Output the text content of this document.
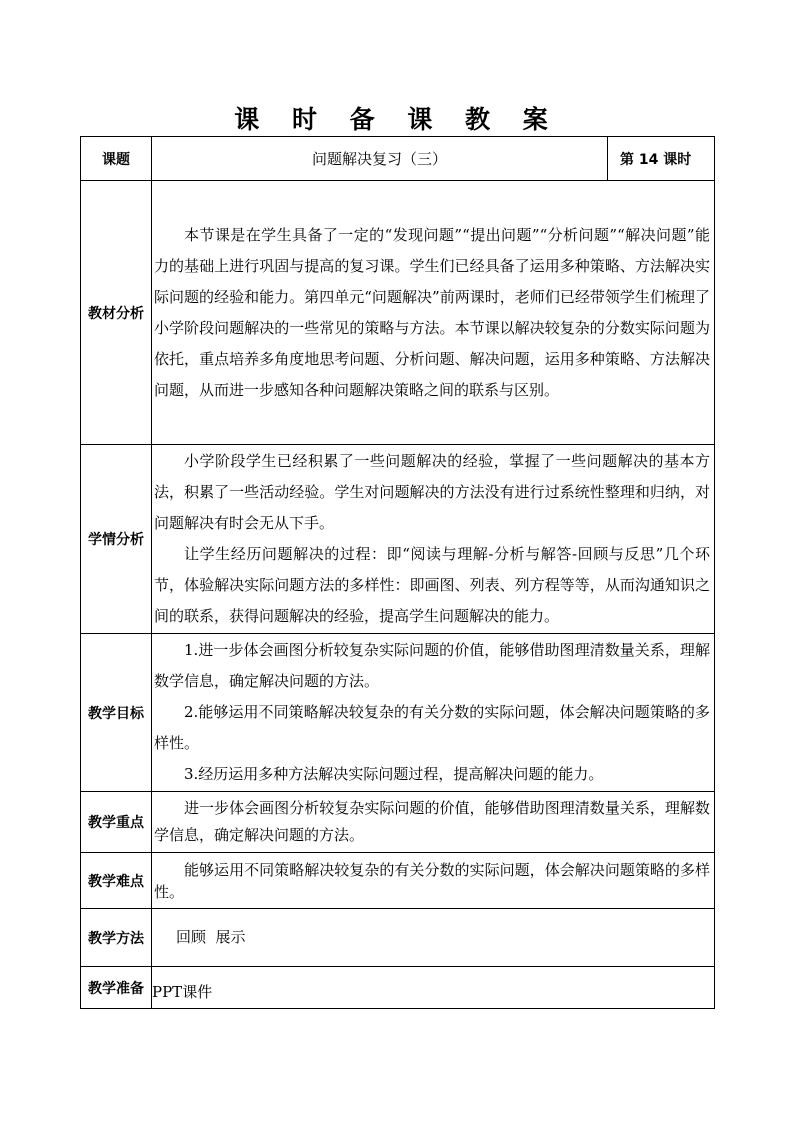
课 时 备 课 教 案
课题	问题解决复习（三）	第 14 课时
教材分析	本节课是在学生具备了一定的“发现问题”“提出问题”“分析问题”“解决问题”能力的基础上进行巩固与提高的复习课。学生们已经具备了运用多种策略、方法解决实际问题的经验和能力。第四单元“问题解决”前两课时，老师们已经带领学生们梳理了小学阶段问题解决的一些常见的策略与方法。本节课以解决较复杂的分数实际问题为依托，重点培养多角度地思考问题、分析问题、解决问题，运用多种策略、方法解决问题，从而进一步感知各种问题解决策略之间的联系与区别。	

学情分析	小学阶段学生已经积累了一些问题解决的经验，掌握了一些问题解决的基本方法，积累了一些活动经验。学生对问题解决的方法没有进行过系统性整理和归纳，对问题解决有时会无从下手。

让学生经历问题解决的过程：即“阅读与理解-分析与解答-回顾与反思”几个环节，体验解决实际问题方法的多样性：即画图、列表、列方程等等，从而沟通知识之间的联系，获得问题解决的经验，提高学生问题解决的能力。	

教学目标	1.进一步体会画图分析较复杂实际问题的价值，能够借助图理清数量关系，理解数学信息，确定解决问题的方法。

2.能够运用不同策略解决较复杂的有关分数的实际问题，体会解决问题策略的多样性。

3.经历运用多种方法解决实际问题过程，提高解决问题的能力。	

教学重点	进一步体会画图分析较复杂实际问题的价值，能够借助图理清数量关系，理解数学信息，确定解决问题的方法。	

教学难点	能够运用不同策略解决较复杂的有关分数的实际问题，体会解决问题策略的多样性。	

教学方法	回顾  展示	
教学准备	PPT课件	
